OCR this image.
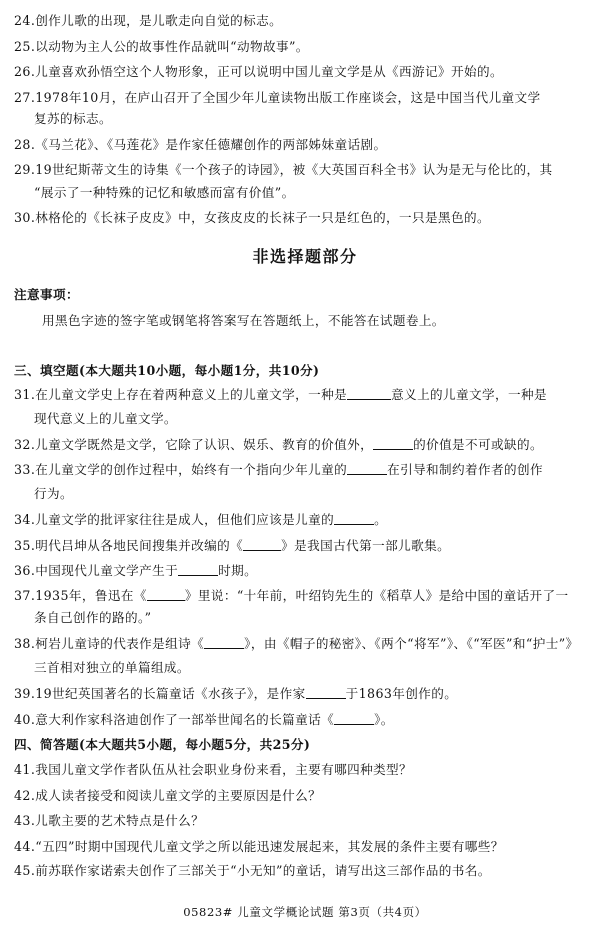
24.创作儿歌的出现，是儿歌走向自觉的标志。
25.以动物为主人公的故事性作品就叫“动物故事”。
26.儿童喜欢孙悟空这个人物形象，正可以说明中国儿童文学是从《西游记》开始的。
27.1978年10月，在庐山召开了全国少年儿童读物出版工作座谈会，这是中国当代儿童文学
复苏的标志。
28.《马兰花》、《马莲花》是作家任德耀创作的两部姊妹童话剧。
29.19世纪斯蒂文生的诗集《一个孩子的诗园》，被《大英国百科全书》认为是无与伦比的，其
“展示了一种特殊的记忆和敏感而富有价值”。
30.林格伦的《长袜子皮皮》中，女孩皮皮的长袜子一只是红色的，一只是黑色的。
非选择题部分
注意事项：
用黑色字迹的签字笔或钢笔将答案写在答题纸上，不能答在试题卷上。
三、填空题(本大题共10小题，每小题1分，共10分)
31.在儿童文学史上存在着两种意义上的儿童文学，一种是	意义上的儿童文学，一种是
现代意义上的儿童文学。
32.儿童文学既然是文学，它除了认识、娱乐、教育的价值外，	的价值是不可或缺的。
33.在儿童文学的创作过程中，始终有一个指向少年儿童的	在引导和制约着作者的创作
行为。
34.儿童文学的批评家往往是成人，但他们应该是儿童的	。
35.明代吕坤从各地民间搜集并改编的《	》是我国古代第一部儿歌集。
36.中国现代儿童文学产生于	时期。
37.1935年，鲁迅在《	》里说：“十年前，叶绍钧先生的《稻草人》是给中国的童话开了一
条自己创作的路的。”
38.柯岩儿童诗的代表作是组诗《	》，由《帽子的秘密》、《两个“将军”》、《“军医”和“护士”》
三首相对独立的单篇组成。
39.19世纪英国著名的长篇童话《水孩子》，是作家	于1863年创作的。
40.意大利作家科洛迪创作了一部举世闻名的长篇童话《	》。
四、简答题(本大题共5小题，每小题5分，共25分)
41.我国儿童文学作者队伍从社会职业身份来看，主要有哪四种类型？
42.成人读者接受和阅读儿童文学的主要原因是什么？
43.儿歌主要的艺术特点是什么？
44.“五四”时期中国现代儿童文学之所以能迅速发展起来，其发展的条件主要有哪些？
45.前苏联作家诺索夫创作了三部关于“小无知”的童话，请写出这三部作品的书名。
05823# 儿童文学概论试题 第3页（共4页）
